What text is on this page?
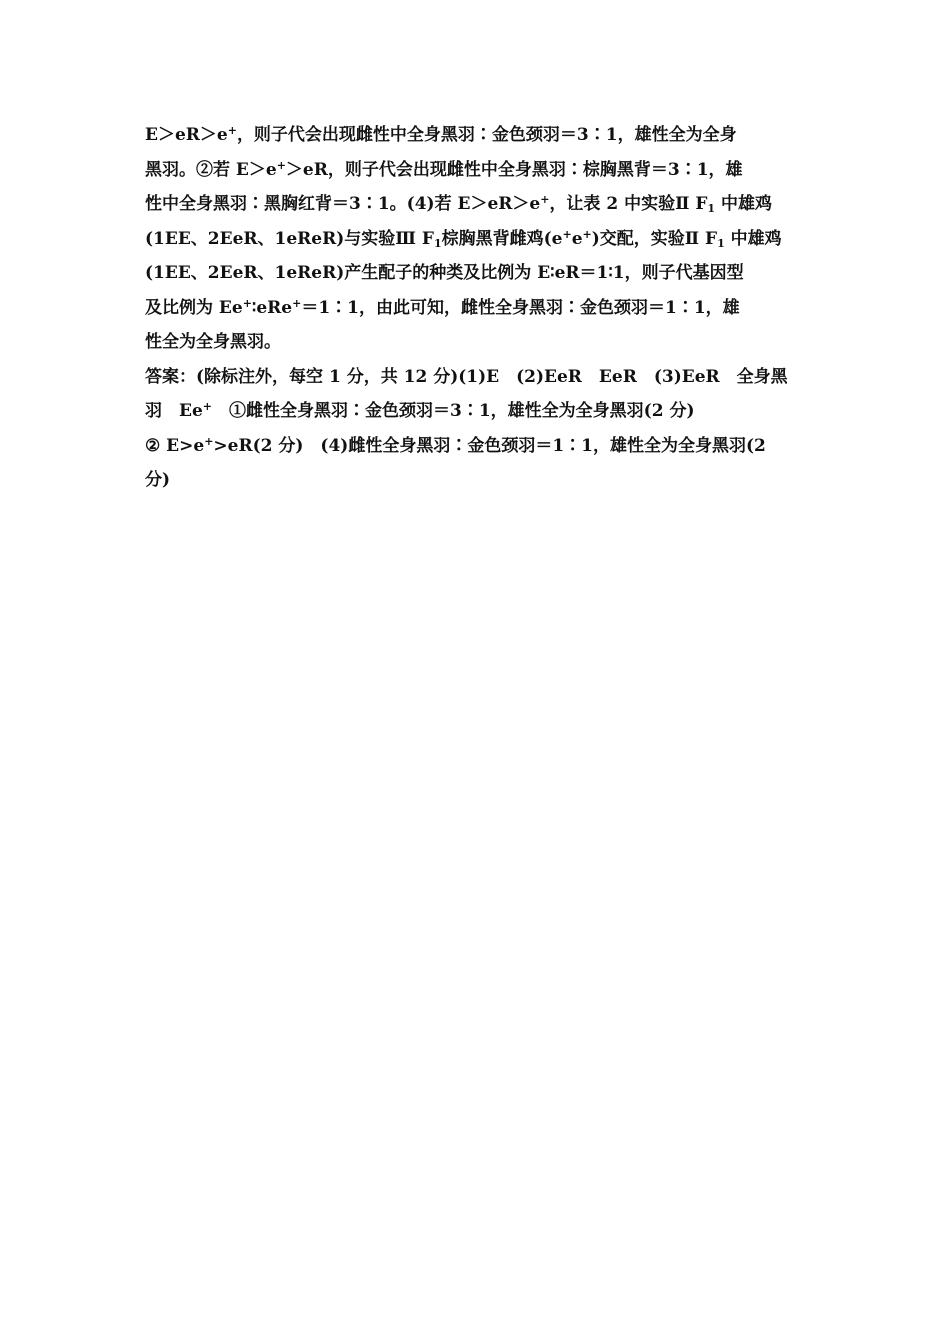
E＞eR＞e+，则子代会出现雌性中全身黑羽∶金色颈羽＝3∶1，雄性全为全身
黑羽。②若 E＞e+＞eR，则子代会出现雌性中全身黑羽∶棕胸黑背＝3∶1，雄
性中全身黑羽∶黑胸红背＝3∶1。(4)若 E＞eR＞e+，让表 2 中实验Ⅱ $F_1$ 中雄鸡
(1EE、2EeR、1eReR)与实验Ⅲ $F_1$棕胸黑背雌鸡(e+e+)交配，实验Ⅱ $F_1$ 中雄鸡
(1EE、2EeR、1eReR)产生配子的种类及比例为 E∶eR＝1∶1，则子代基因型
及比例为 Ee+∶eRe+＝1∶1，由此可知，雌性全身黑羽∶金色颈羽＝1∶1，雄
性全为全身黑羽。
答案：(除标注外，每空 1 分，共 12 分)(1)E　(2)EeR　EeR　(3)EeR　全身黑
羽　Ee+　①雌性全身黑羽∶金色颈羽＝3∶1，雄性全为全身黑羽(2 分)
② E>e+>eR(2 分)　(4)雌性全身黑羽∶金色颈羽＝1∶1，雄性全为全身黑羽(2
分)
